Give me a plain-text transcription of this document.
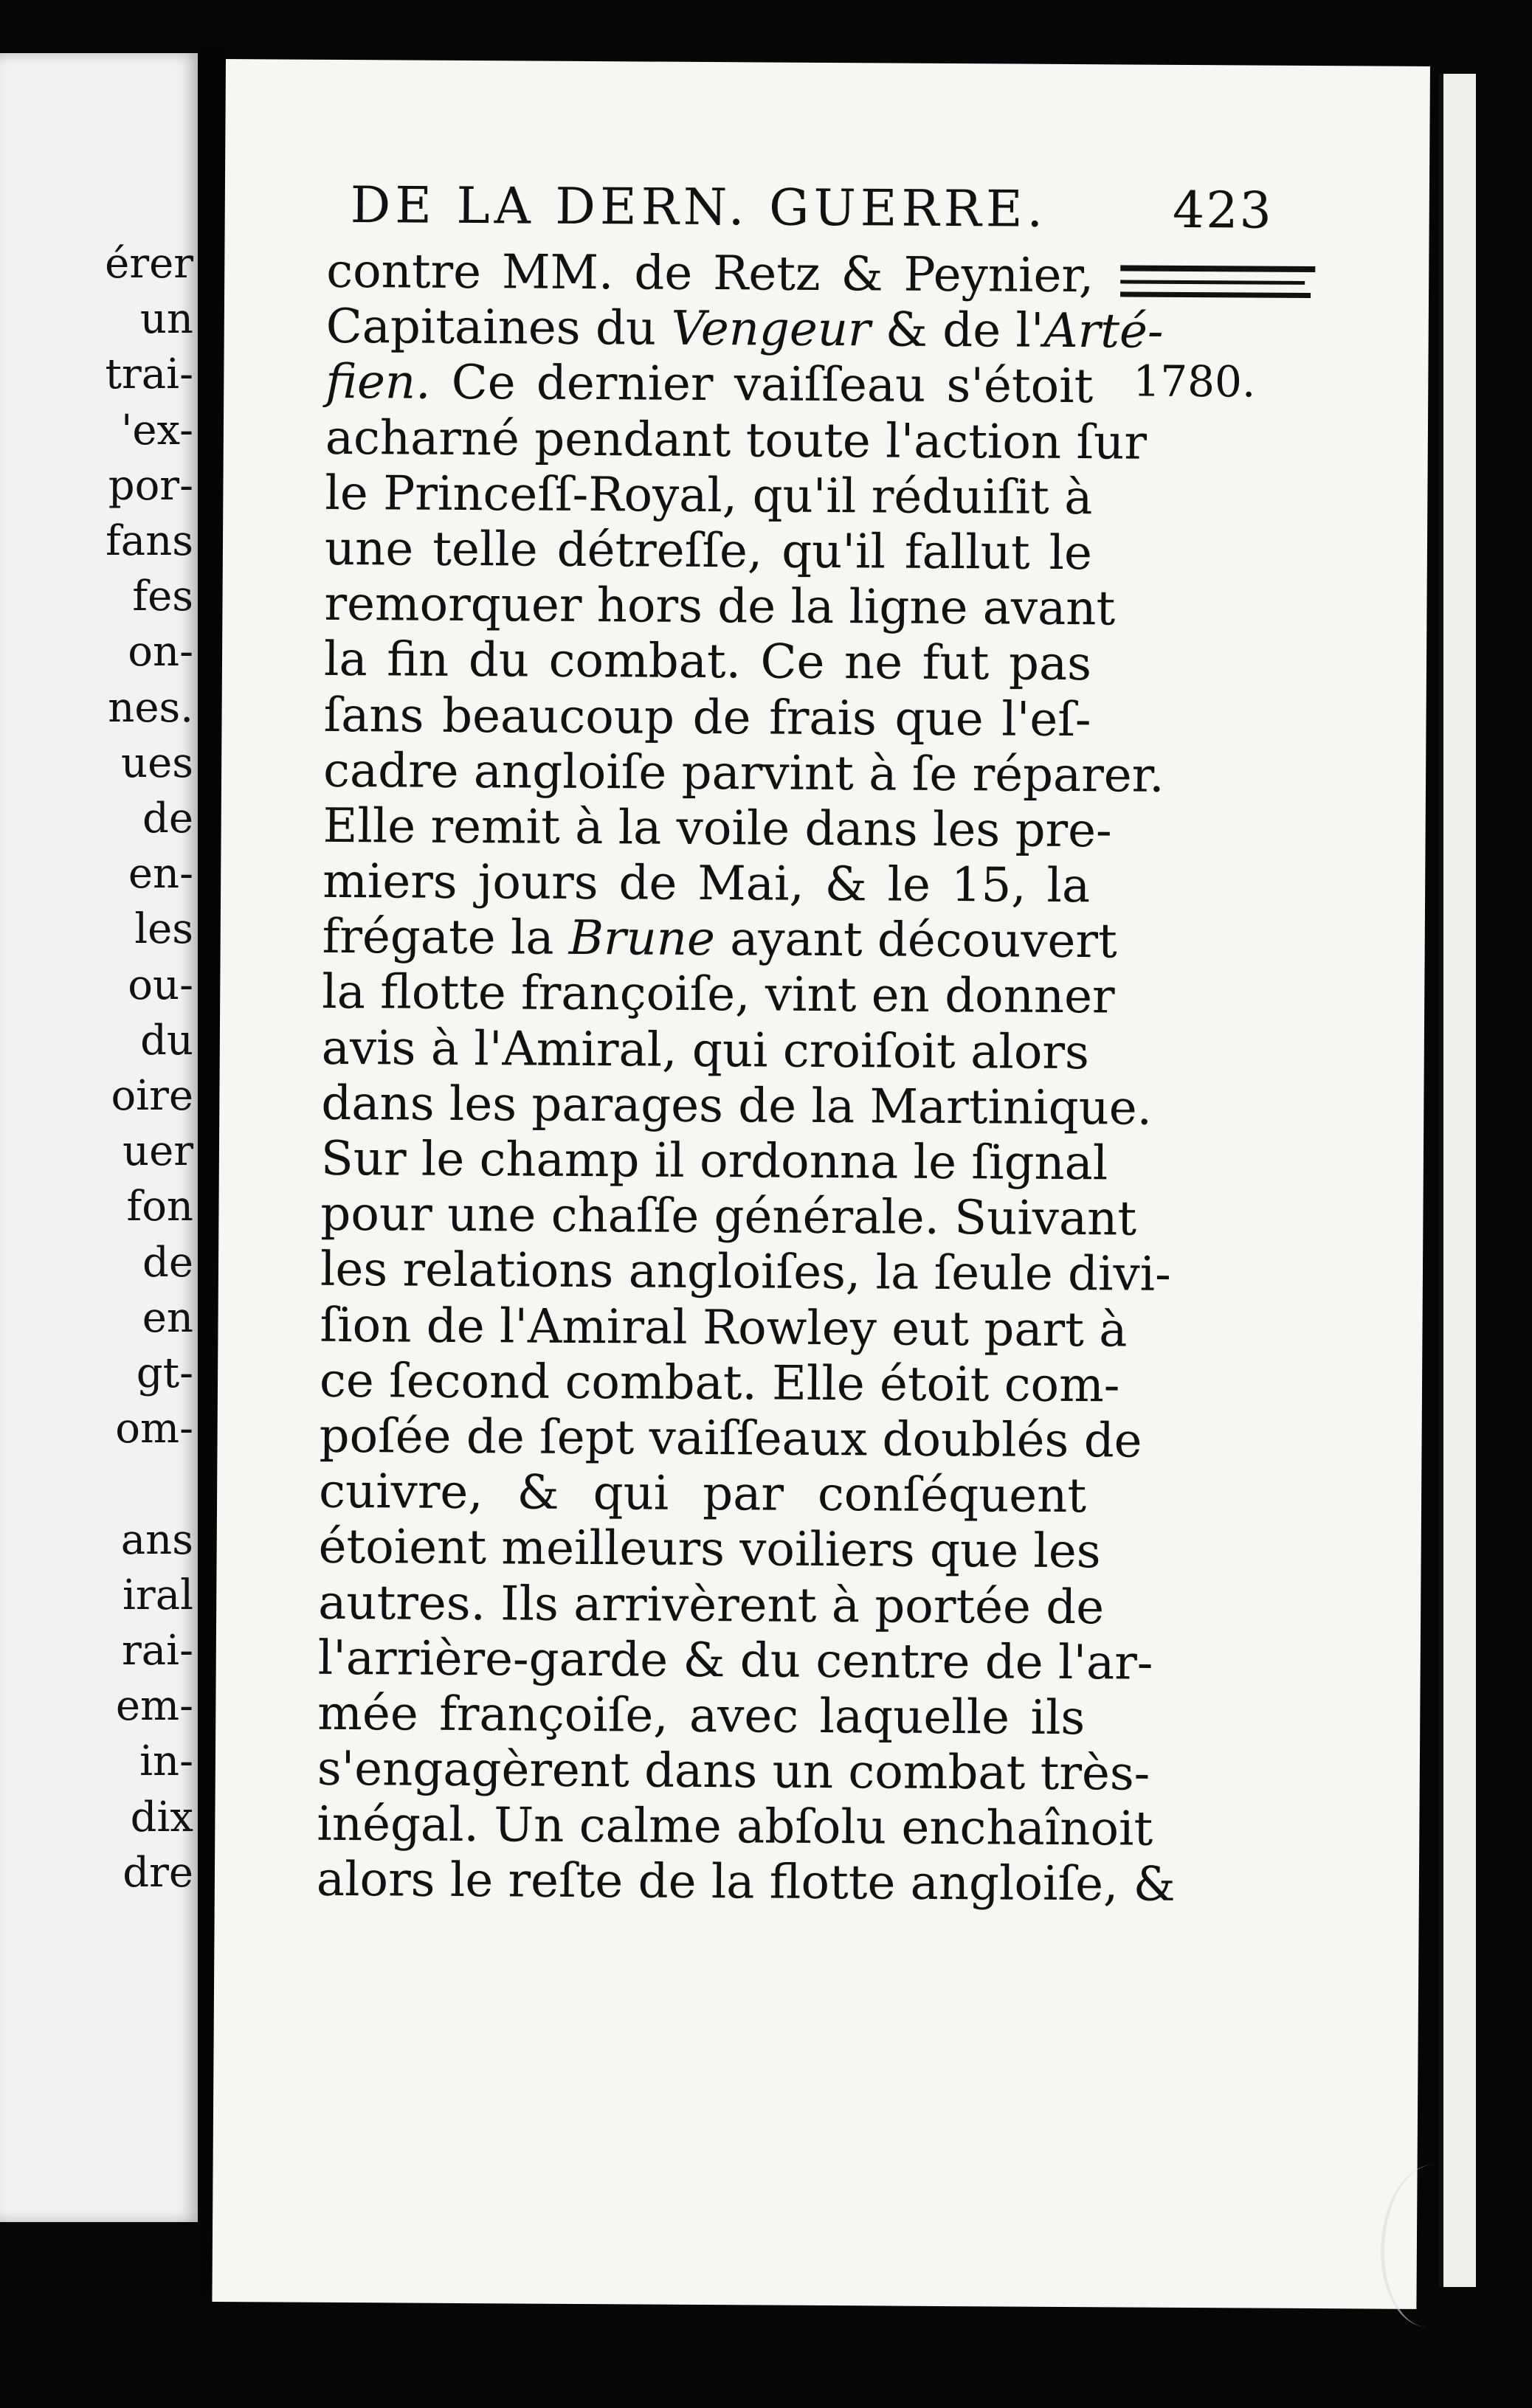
érer
un
trai-
'ex-
por-
fans
fes
on-
nes.
ues
de
en-
les
ou-
du
oire
uer
fon
de
en
gt-
om-
ans
iral
rai-
em-
in-
dix
dre
DE LA DERN. GUERRE. 423
1780.
contre MM. de Retz & Peynier,
Capitaines du Vengeur & de l'Arté-
fien. Ce dernier vaiſſeau s'étoit
acharné pendant toute l'action ſur
le Princeſſ-Royal, qu'il réduiſit à
une telle détreſſe, qu'il fallut le
remorquer hors de la ligne avant
la fin du combat. Ce ne fut pas
ſans beaucoup de frais que l'eſ-
cadre angloiſe parvint à ſe réparer.
Elle remit à la voile dans les pre-
miers jours de Mai, & le 15, la
frégate la Brune ayant découvert
la flotte françoiſe, vint en donner
avis à l'Amiral, qui croiſoit alors
dans les parages de la Martinique.
Sur le champ il ordonna le ſignal
pour une chaſſe générale. Suivant
les relations angloiſes, la ſeule divi-
ſion de l'Amiral Rowley eut part à
ce ſecond combat. Elle étoit com-
poſée de ſept vaiſſeaux doublés de
cuivre, & qui par conſéquent
étoient meilleurs voiliers que les
autres. Ils arrivèrent à portée de
l'arrière-garde & du centre de l'ar-
mée françoiſe, avec laquelle ils
s'engagèrent dans un combat très-
inégal. Un calme abſolu enchaînoit
alors le reſte de la flotte angloiſe, &
